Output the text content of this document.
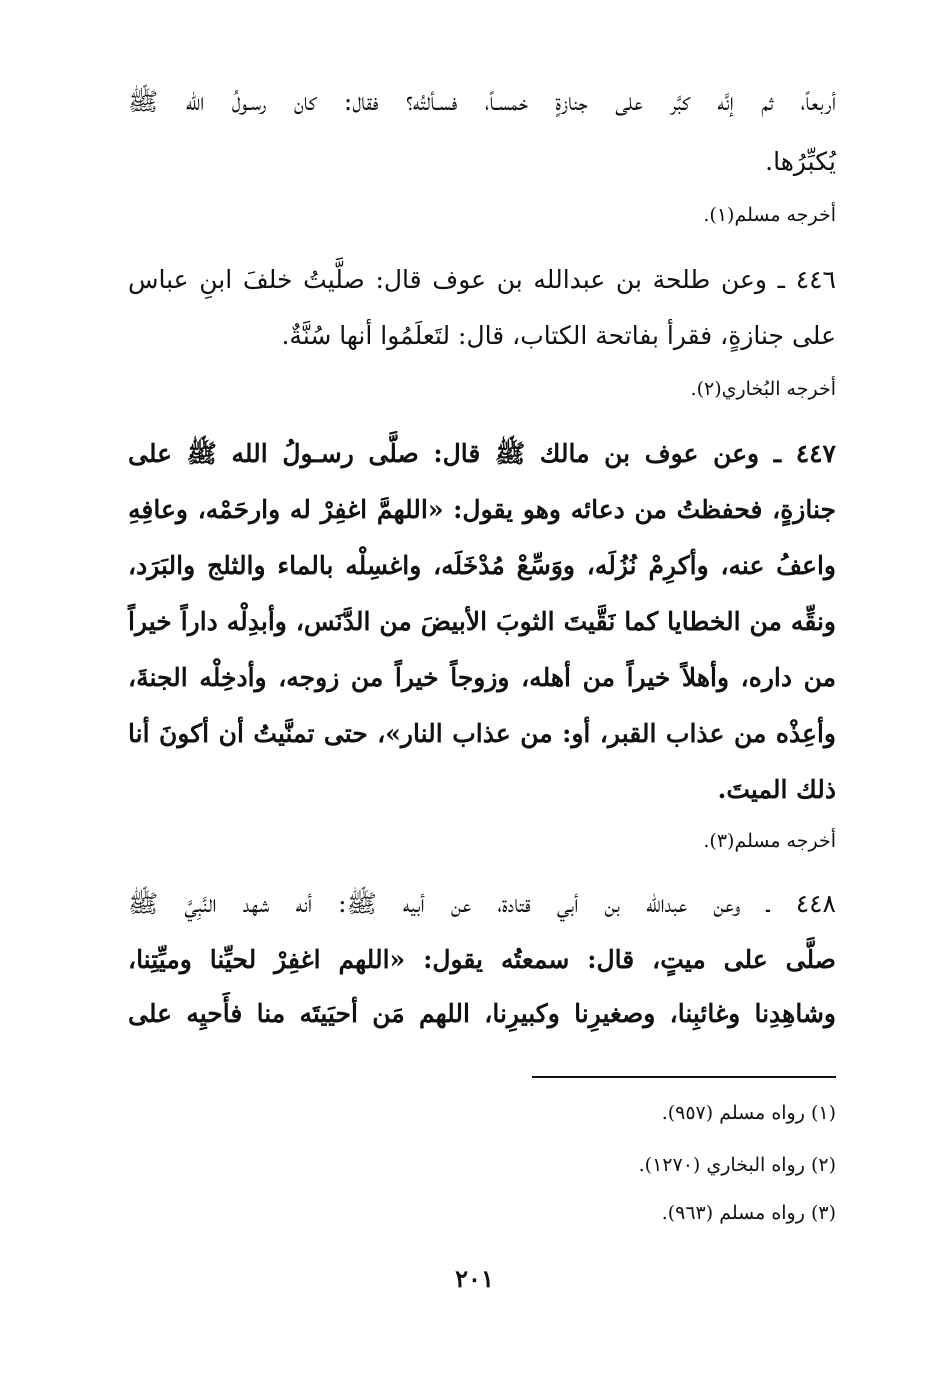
أربعاً، ثم إنَّه كبَّر على جنازةٍ خمسـاً، فسـألتُه؟ فقال: كان رسـولُ الله ﷺ
يُكبِّرُها.
أخرجه مسلم(١).
٤٤٦ ـ وعن طلحة بن عبدالله بن عوف قال: صلَّيتُ خلفَ ابنِ عباس
على جنازةٍ، فقرأ بفاتحة الكتاب، قال: لتَعلَمُوا أنها سُنَّةٌ.
أخرجه البُخاري(٢).
٤٤٧ ـ وعن عوف بن مالك ﷺ قال: صلَّى رسـولُ الله ﷺ على
جنازةٍ، فحفظتُ من دعائه وهو يقول: «اللهمَّ اغفِرْ له وارحَمْه، وعافِهِ
واعفُ عنه، وأكرِمْ نُزُلَه، ووَسِّعْ مُدْخَلَه، واغسِلْه بالماء والثلج والبَرَد،
ونقِّه من الخطايا كما نَقَّيتَ الثوبَ الأبيضَ من الدَّنَس، وأبدِلْه داراً خيراً
من داره، وأهلاً خيراً من أهله، وزوجاً خيراً من زوجه، وأدخِلْه الجنةَ،
وأعِذْه من عذاب القبر، أو: من عذاب النار»، حتى تمنَّيتُ أن أكونَ أنا
ذلك الميتَ.
أخرجه مسلم(٣).
٤٤٨ ـ وعن عبدالله بن أبي قتادة، عن أبيه ﷺ: أنه شهد النَّبِيَّ ﷺ
صلَّى على ميتٍ، قال: سمعتُه يقول: «اللهم اغفِرْ لحيِّنا وميِّتِنا،
وشاهِدِنا وغائبِنا، وصغيرِنا وكبيرِنا، اللهم مَن أحيَيتَه منا فأَحيِه على
(١) رواه مسلم (٩٥٧).
(٢) رواه البخاري (١٢٧٠).
(٣) رواه مسلم (٩٦٣).
٢٠١
